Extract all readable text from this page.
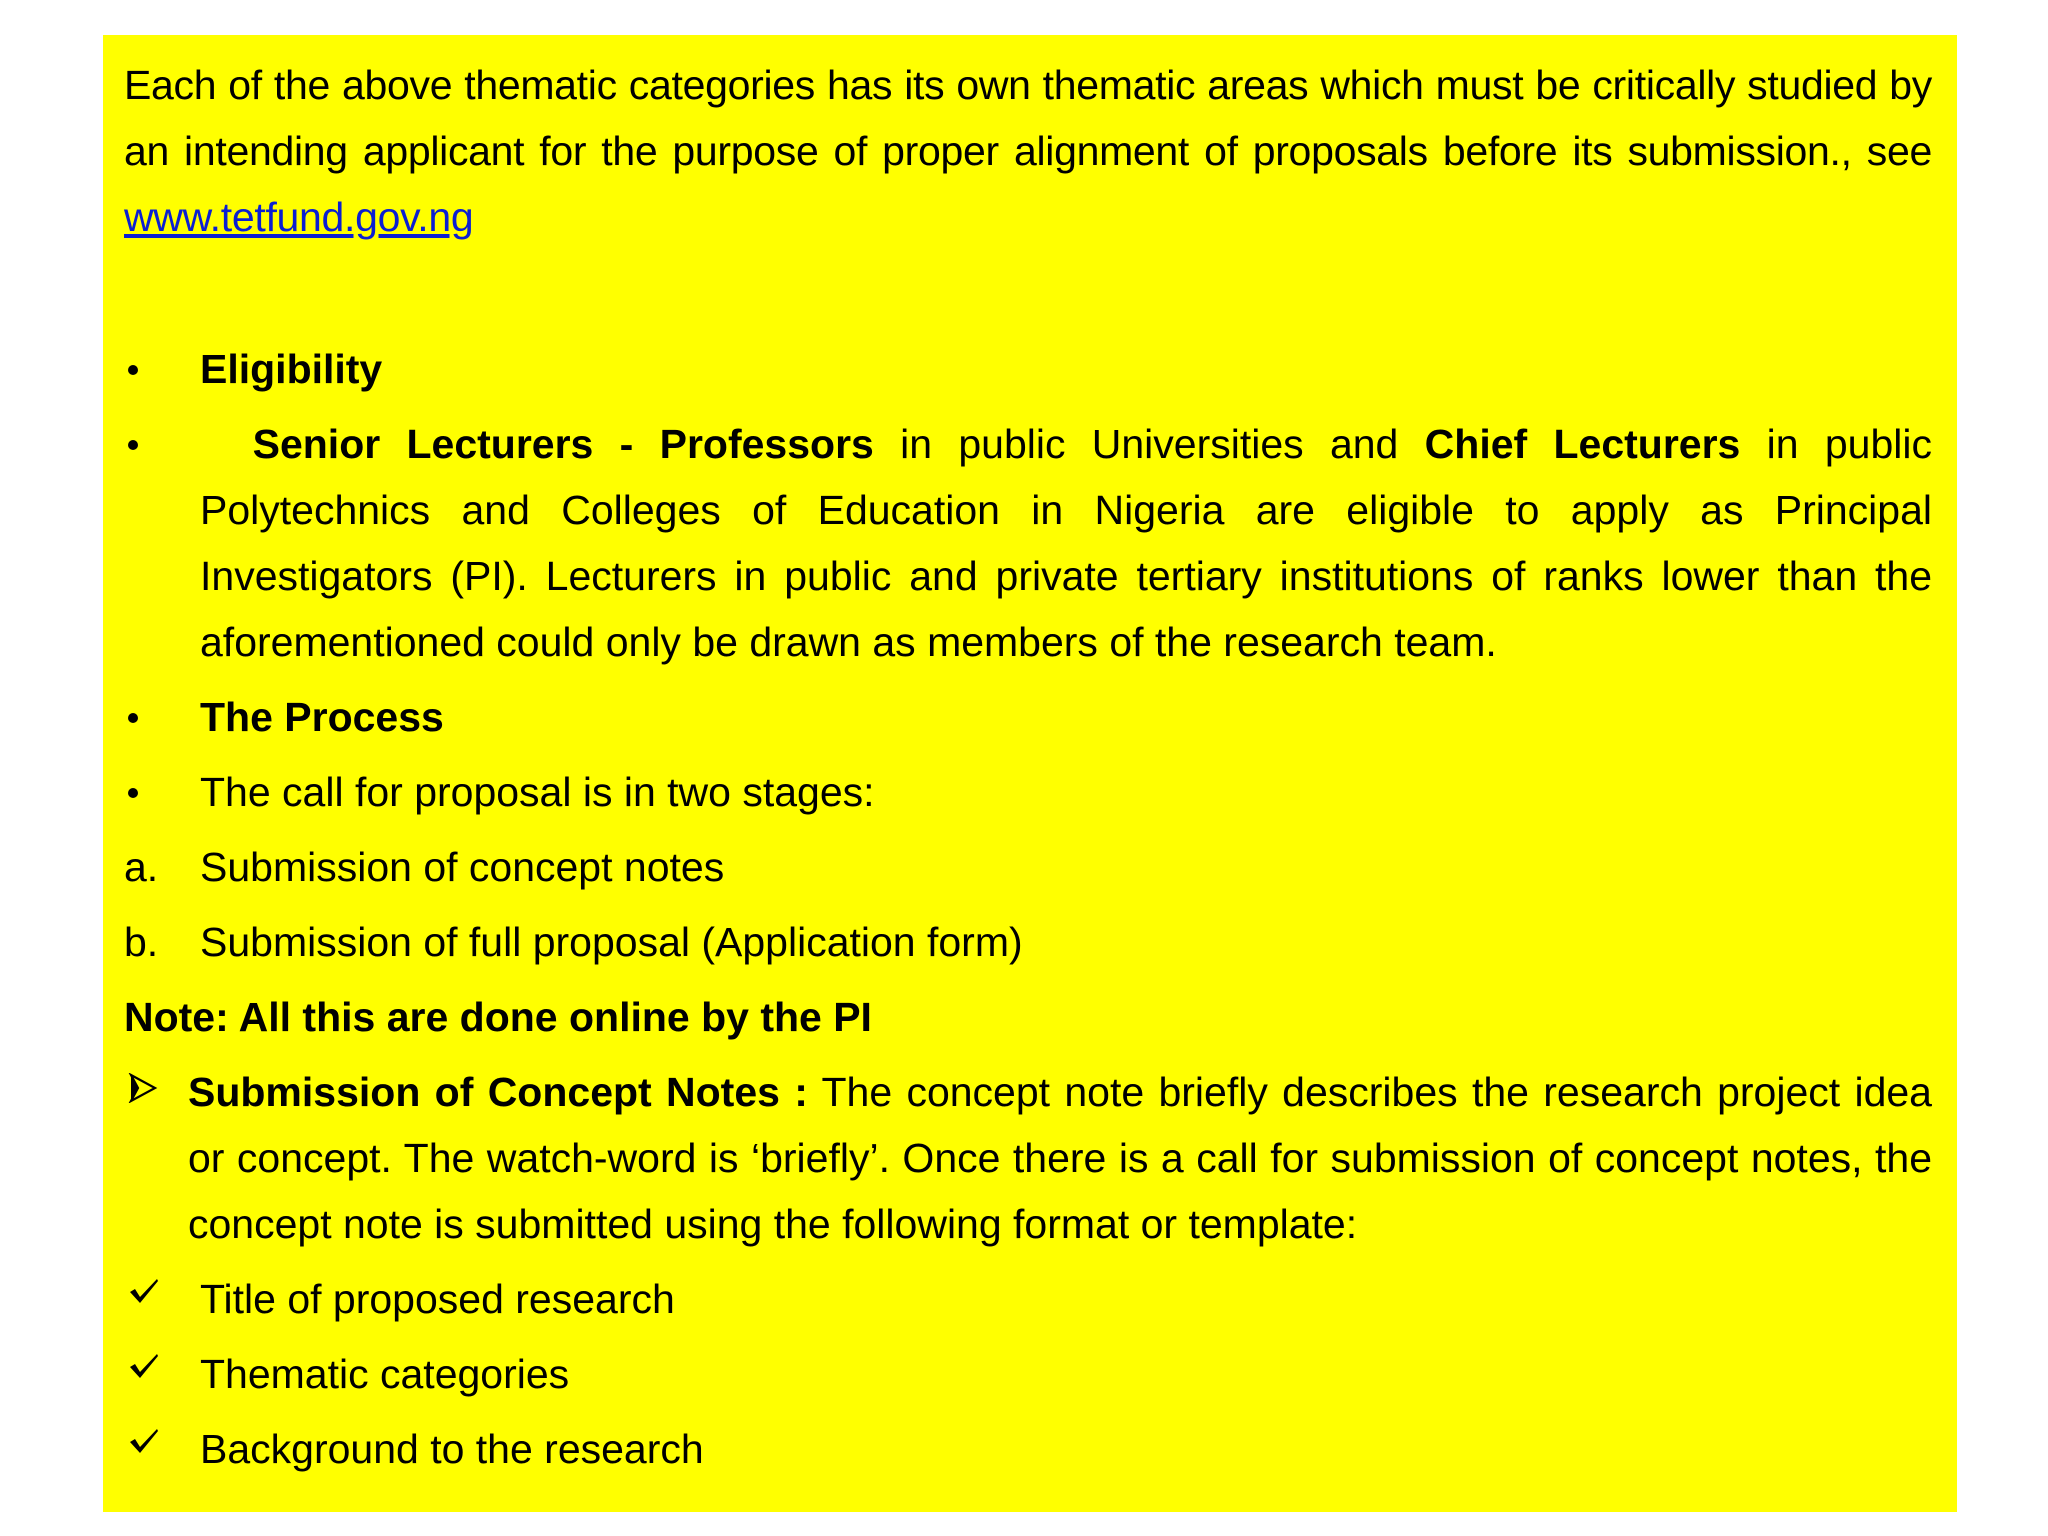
Each of the above thematic categories has its own thematic areas which must be critically studied by an intending applicant for the purpose of proper alignment of proposals before its submission., see www.tetfund.gov.ng

Eligibility
Senior Lecturers - Professors in public Universities and Chief Lecturers in public Polytechnics and Colleges of Education in Nigeria are eligible to apply as Principal Investigators (PI). Lecturers in public and private tertiary institutions of ranks lower than the aforementioned could only be drawn as members of the research team.
The Process
The call for proposal is in two stages:
a.	Submission of concept notes
b.	Submission of full proposal (Application form)
Note: All this are done online by the PI
Submission of Concept Notes : The concept note briefly describes the research project idea or concept. The watch-word is ‘briefly’. Once there is a call for submission of concept notes, the concept note is submitted using the following format or template:
Title of proposed research
Thematic categories
Background to the research
